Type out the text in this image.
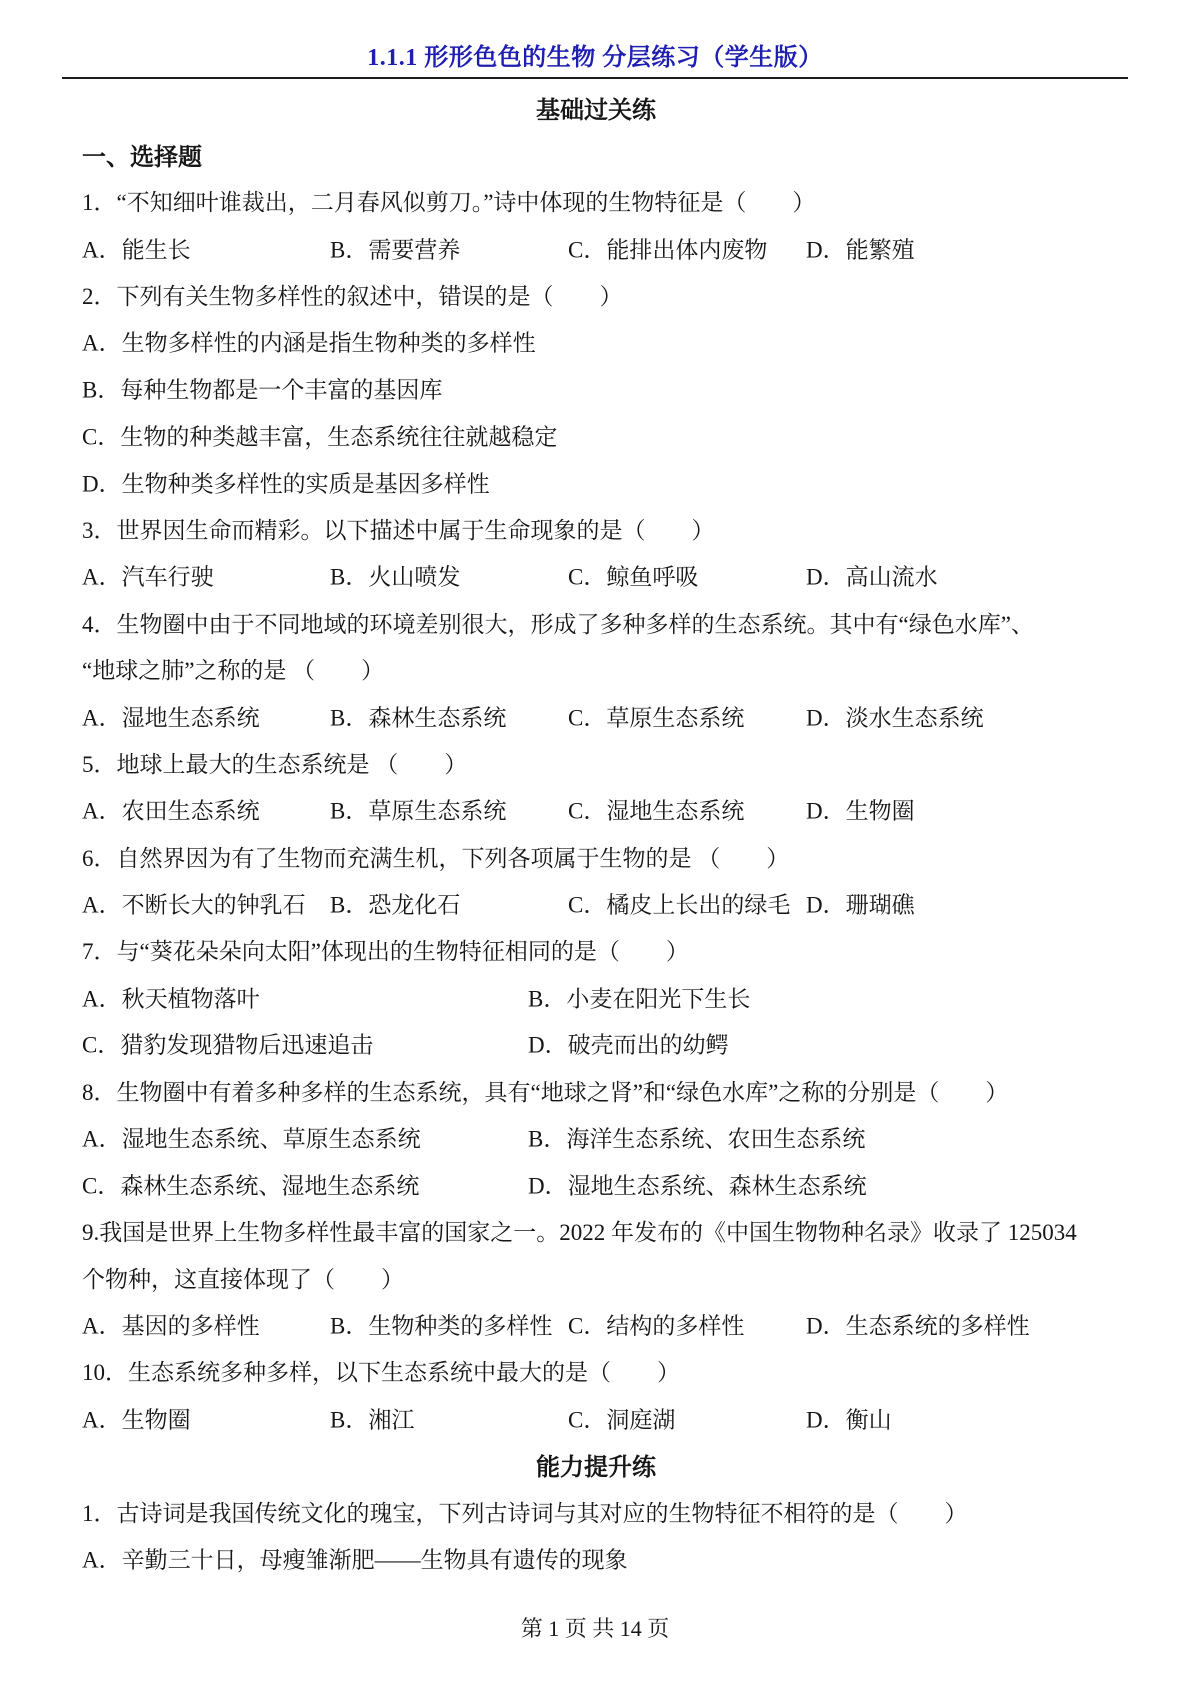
1.1.1 形形色色的生物 分层练习（学生版）
基础过关练
一、选择题
1．“不知细叶谁裁出，二月春风似剪刀。”诗中体现的生物特征是（　　）
A．能生长	B．需要营养	C．能排出体内废物 D．能繁殖
2．下列有关生物多样性的叙述中，错误的是（　　）
A．生物多样性的内涵是指生物种类的多样性
B．每种生物都是一个丰富的基因库
C．生物的种类越丰富，生态系统往往就越稳定
D．生物种类多样性的实质是基因多样性
3．世界因生命而精彩。以下描述中属于生命现象的是（　　）
A．汽车行驶	B．火山喷发	C．鲸鱼呼吸	D．高山流水
4．生物圈中由于不同地域的环境差别很大，形成了多种多样的生态系统。其中有“绿色水库”、
“地球之肺”之称的是 （　　）
A．湿地生态系统	B．森林生态系统	C．草原生态系统	D．淡水生态系统
5．地球上最大的生态系统是 （　　）
A．农田生态系统	B．草原生态系统	C．湿地生态系统	D．生物圈
6．自然界因为有了生物而充满生机，下列各项属于生物的是 （　　）
A．不断长大的钟乳石 B．恐龙化石	C．橘皮上长出的绿毛 D．珊瑚礁
7．与“葵花朵朵向太阳”体现出的生物特征相同的是（　　）
A．秋天植物落叶	B．小麦在阳光下生长
C．猎豹发现猎物后迅速追击	D．破壳而出的幼鳄
8．生物圈中有着多种多样的生态系统，具有“地球之肾”和“绿色水库”之称的分别是（　　）
A．湿地生态系统、草原生态系统	B．海洋生态系统、农田生态系统
C．森林生态系统、湿地生态系统	D．湿地生态系统、森林生态系统
9.我国是世界上生物多样性最丰富的国家之一。2022 年发布的《中国生物物种名录》收录了 125034
个物种，这直接体现了（　　）
A．基因的多样性	B．生物种类的多样性 C．结构的多样性	D．生态系统的多样性
10．生态系统多种多样，以下生态系统中最大的是（　　）
A．生物圈	B．湘江	C．洞庭湖	D．衡山
能力提升练
1．古诗词是我国传统文化的瑰宝，下列古诗词与其对应的生物特征不相符的是（　　）
A．辛勤三十日，母瘦雏渐肥——生物具有遗传的现象
第 1 页 共 14 页
